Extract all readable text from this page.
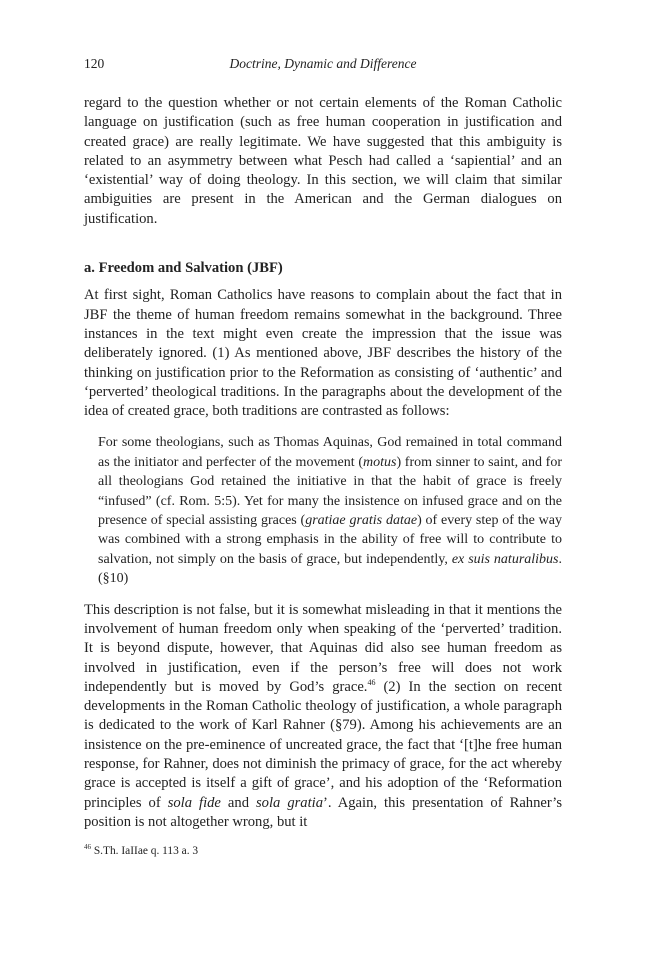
120	Doctrine, Dynamic and Difference

regard to the question whether or not certain elements of the Roman Catholic language on justification (such as free human cooperation in justification and created grace) are really legitimate. We have suggested that this ambiguity is related to an asymmetry between what Pesch had called a ‘sapiential’ and an ‘existential’ way of doing theology. In this section, we will claim that similar ambiguities are present in the American and the German dialogues on justification.

a. Freedom and Salvation (JBF)

At first sight, Roman Catholics have reasons to complain about the fact that in JBF the theme of human freedom remains somewhat in the background. Three instances in the text might even create the impression that the issue was deliberately ignored. (1) As mentioned above, JBF describes the history of the thinking on justification prior to the Reformation as consisting of ‘authentic’ and ‘perverted’ theological traditions. In the paragraphs about the development of the idea of created grace, both traditions are contrasted as follows:

For some theologians, such as Thomas Aquinas, God remained in total command as the initiator and perfecter of the movement (motus) from sinner to saint, and for all theologians God retained the initiative in that the habit of grace is freely “infused” (cf. Rom. 5:5). Yet for many the insistence on infused grace and on the presence of special assisting graces (gratiae gratis datae) of every step of the way was combined with a strong emphasis in the ability of free will to contribute to salvation, not simply on the basis of grace, but independently, ex suis naturalibus. (§10)

This description is not false, but it is somewhat misleading in that it mentions the involvement of human freedom only when speaking of the ‘perverted’ tradition. It is beyond dispute, however, that Aquinas did also see human freedom as involved in justification, even if the person’s free will does not work independently but is moved by God’s grace.$^{46}$ (2) In the section on recent developments in the Roman Catholic theology of justification, a whole paragraph is dedicated to the work of Karl Rahner (§79). Among his achievements are an insistence on the pre-eminence of uncreated grace, the fact that ‘[t]he free human response, for Rahner, does not diminish the primacy of grace, for the act whereby grace is accepted is itself a gift of grace’, and his adoption of the ‘Reformation principles of sola fide and sola gratia’. Again, this presentation of Rahner’s position is not altogether wrong, but it

$^{46}$ S.Th. IaIIae q. 113 a. 3
